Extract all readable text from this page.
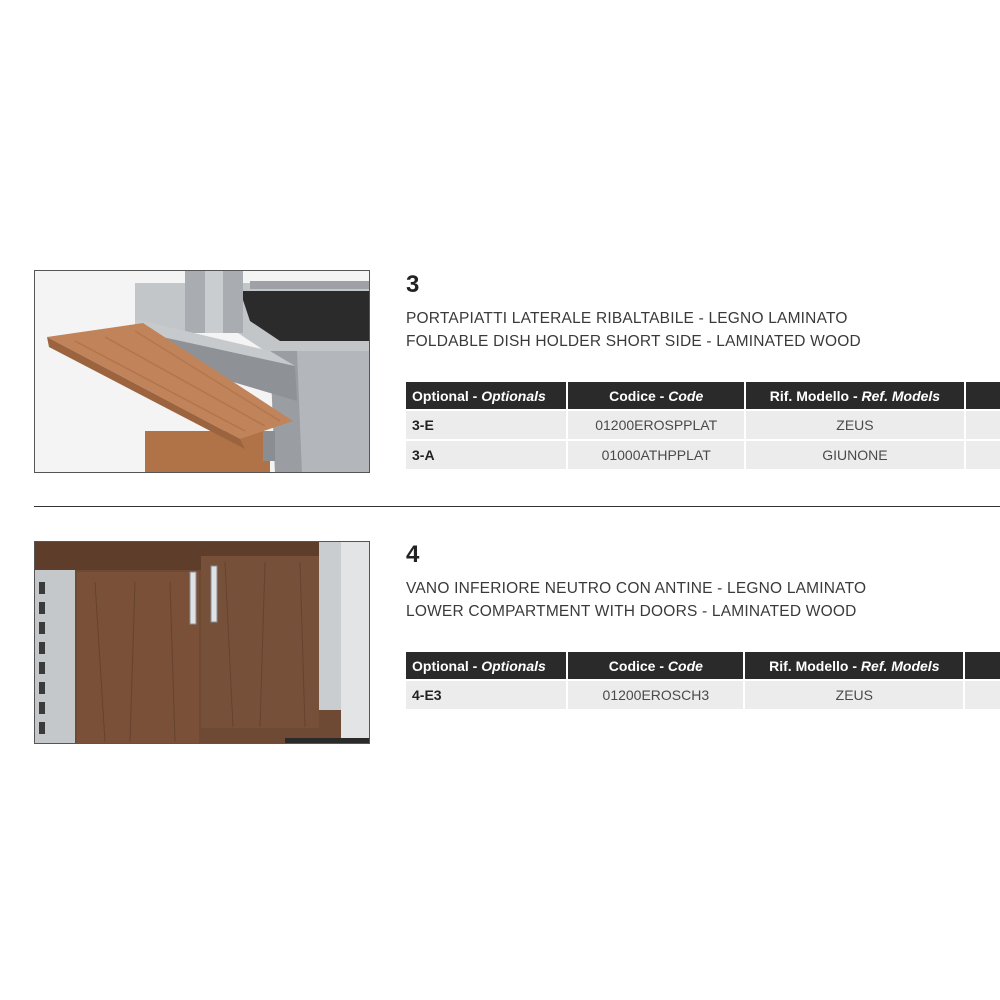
3
PORTAPIATTI LATERALE RIBALTABILE - LEGNO LAMINATO
FOLDABLE DISH HOLDER SHORT SIDE - LAMINATED WOOD
Optional - Optionals	Codice - Code	Rif. Modello - Ref. Models	
3-E	01200EROSPPLAT	ZEUS	
3-A	01000ATHPPLAT	GIUNONE	
4
VANO INFERIORE NEUTRO CON ANTINE - LEGNO LAMINATO
LOWER COMPARTMENT WITH DOORS - LAMINATED WOOD
Optional - Optionals	Codice - Code	Rif. Modello - Ref. Models	
4-E3	01200EROSCH3	ZEUS	
